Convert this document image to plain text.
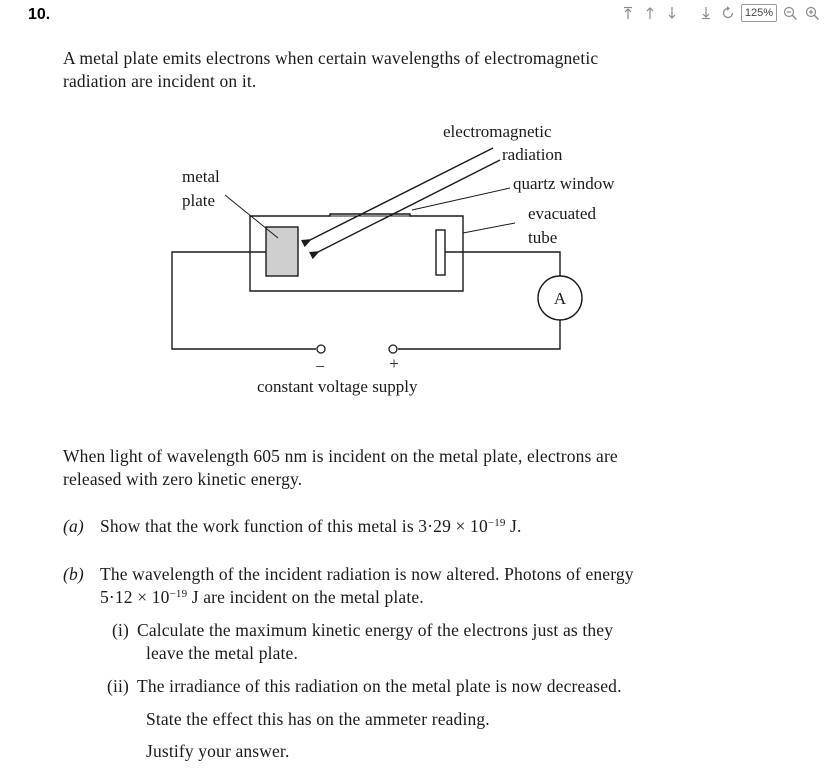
10.	125%
A metal plate emits electrons when certain wavelengths of electromagnetic
radiation are incident on it.
A
electromagnetic
radiation
metal
plate
quartz window
evacuated
tube
−	+
constant voltage supply
When light of wavelength 605 nm is incident on the metal plate, electrons are
released with zero kinetic energy.
(a) Show that the work function of this metal is $3\cdot 29 \times 10^{-19}$ J.
(b) The wavelength of the incident radiation is now altered. Photons of energy
$5\cdot 12 \times 10^{-19}$ J are incident on the metal plate.
(i) Calculate the maximum kinetic energy of the electrons just as they
leave the metal plate.
(ii) The irradiance of this radiation on the metal plate is now decreased.
State the effect this has on the ammeter reading.
Justify your answer.
